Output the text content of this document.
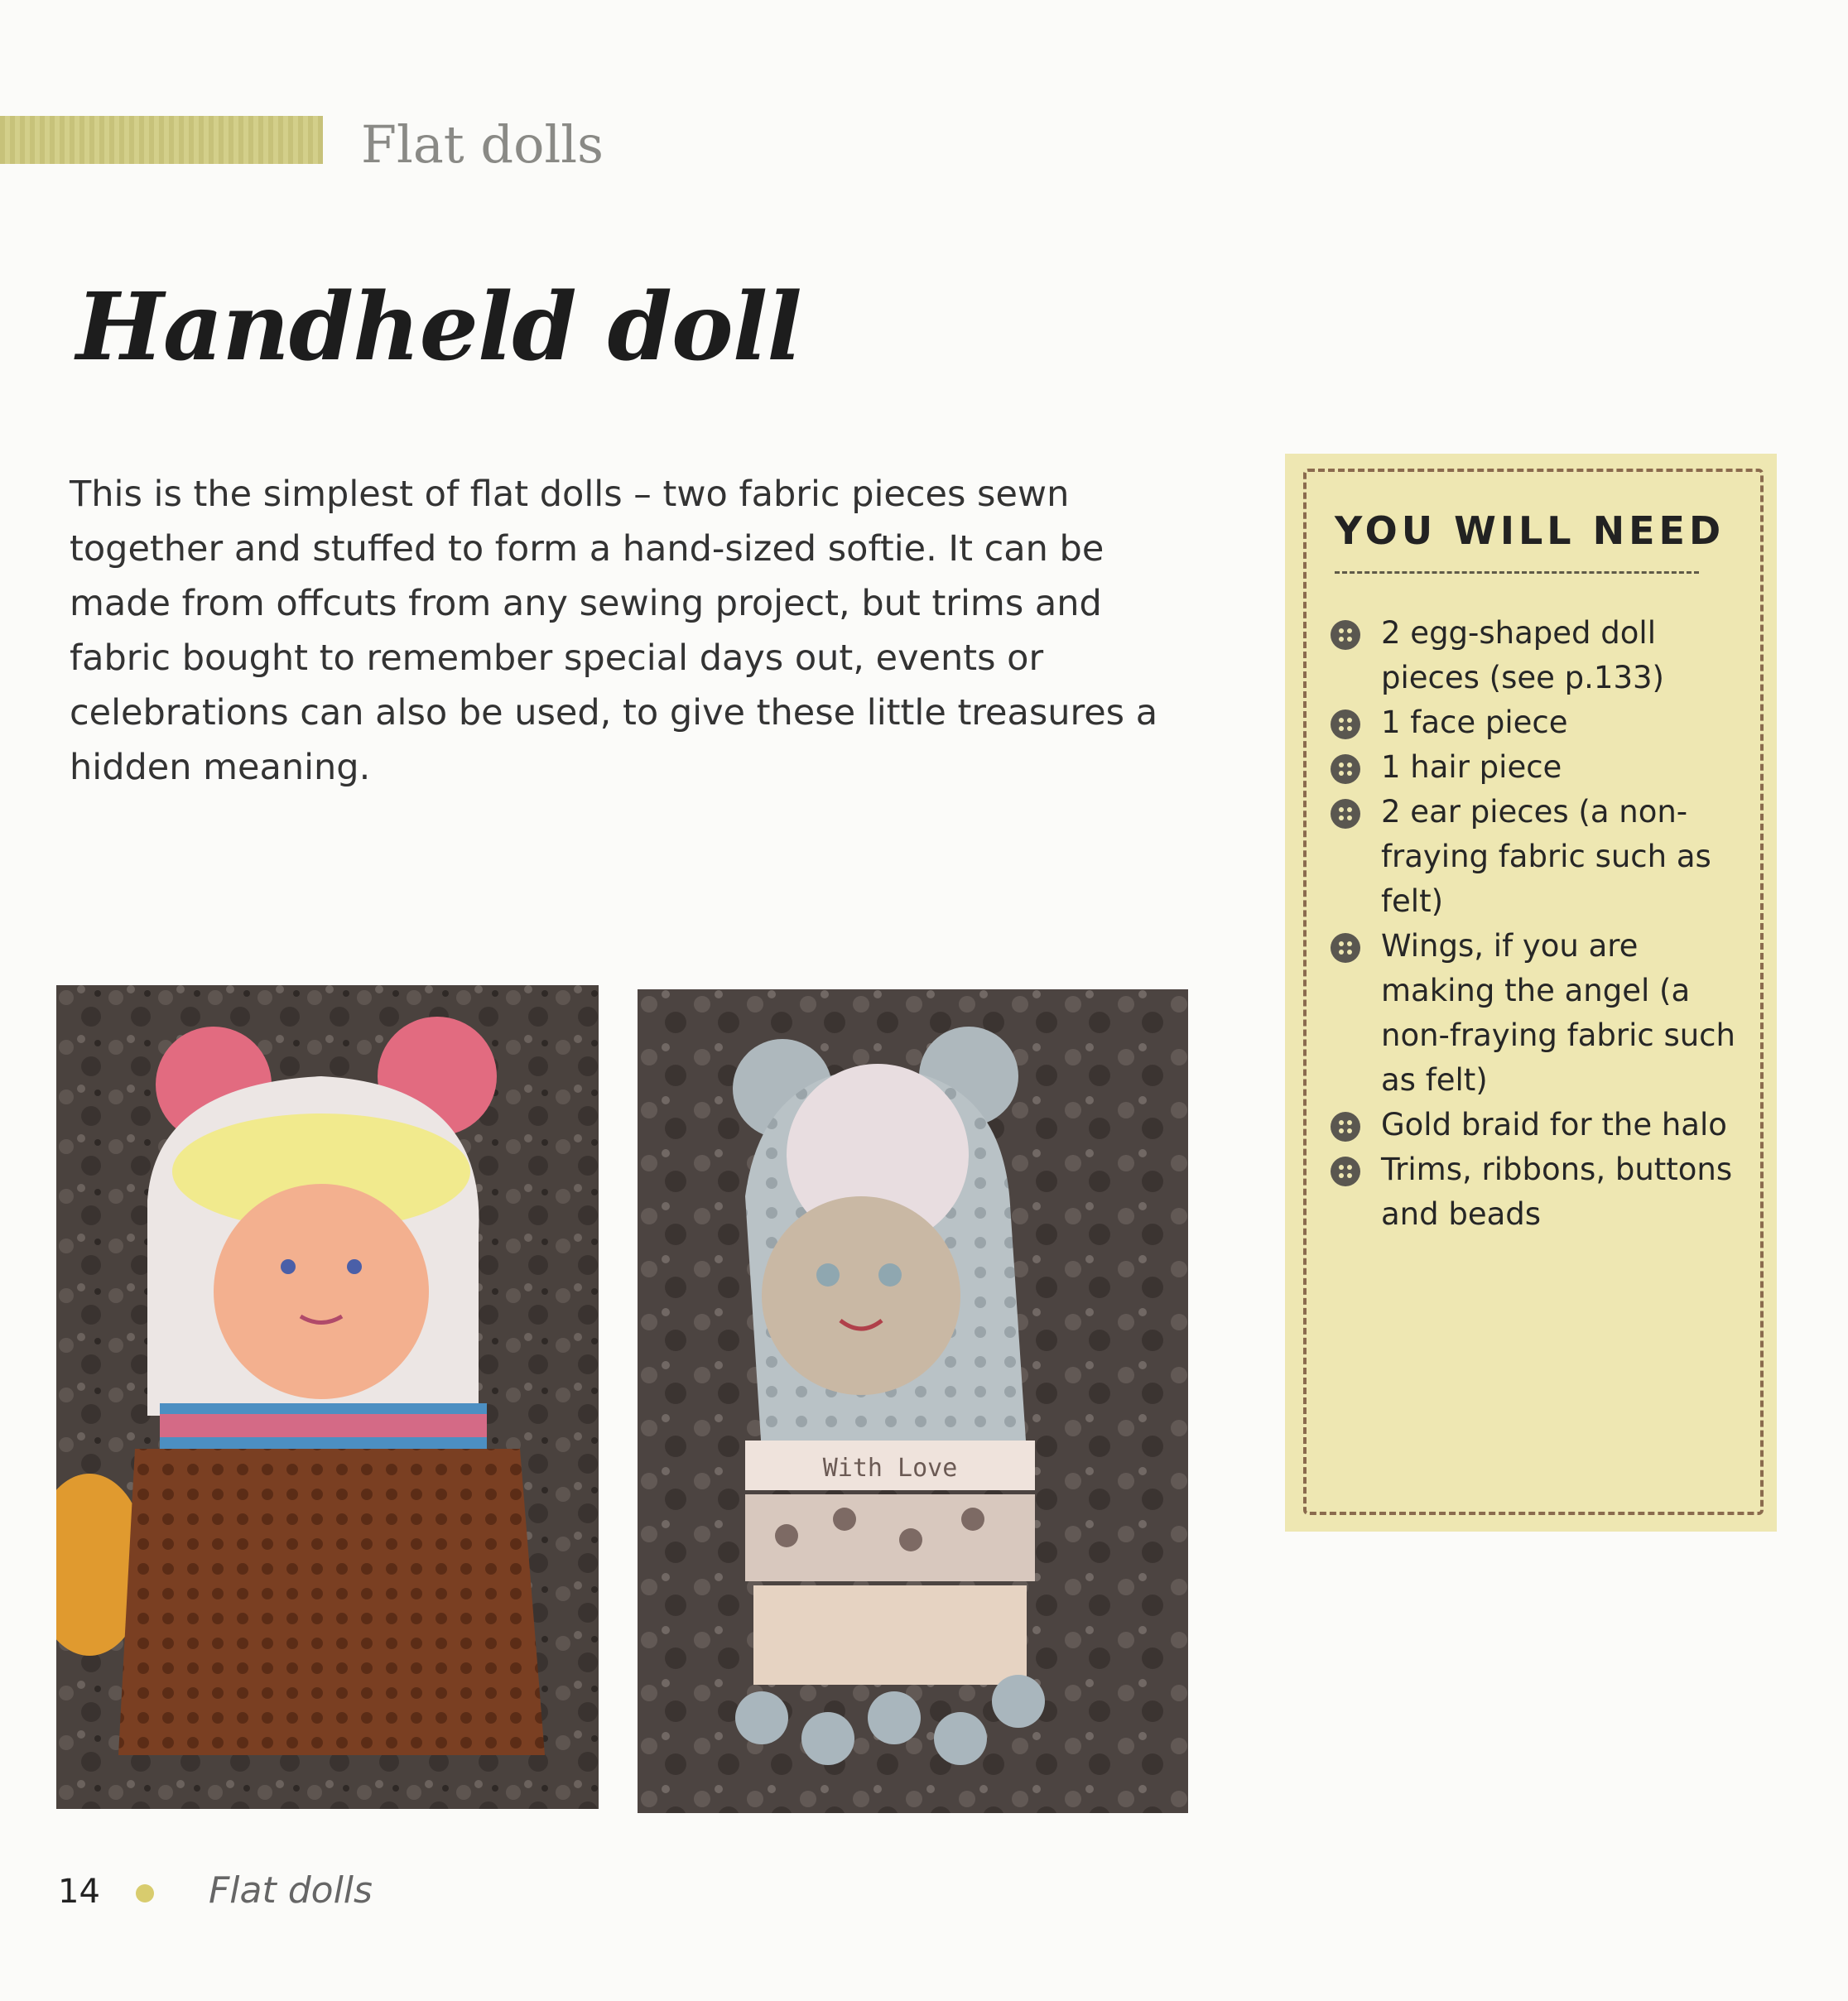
Flat dolls
Handheld doll

This is the simplest of flat dolls – two fabric pieces sewn together and stuffed to form a hand-sized softie. It can be made from offcuts from any sewing project, but trims and fabric bought to remember special days out, events or celebrations can also be used, to give these little treasures a hidden meaning.

With Love
YOU WILL NEED
2 egg-shaped doll pieces (see p.133)
1 face piece
1 hair piece
2 ear pieces (a non-fraying fabric such as felt)
Wings, if you are making the angel (a non-fraying fabric such as felt)
Gold braid for the halo
Trims, ribbons, buttons and beads
14	Flat dolls
